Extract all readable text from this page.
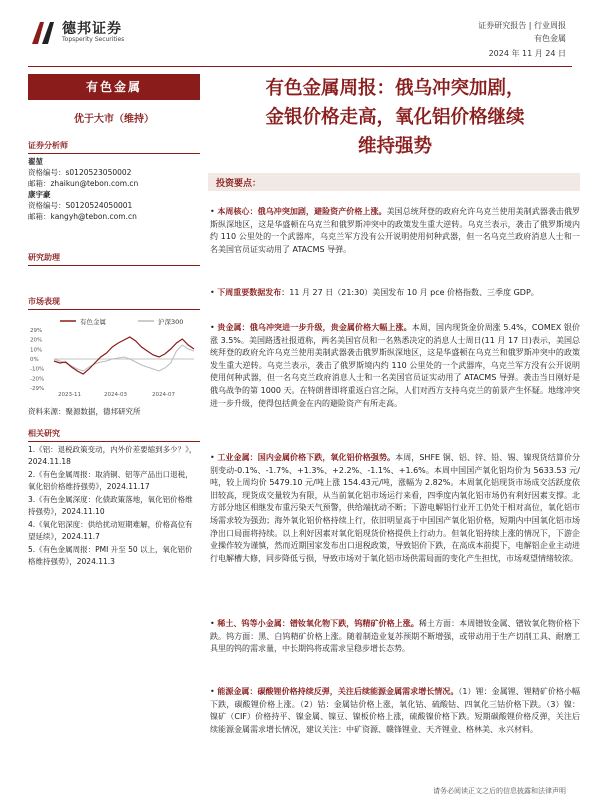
德邦证券
Topsperity Securities
证券研究报告 | 行业周报
有色金属
2024 年 11 月 24 日
有色金属
优于大市（维持）
证券分析师
翟堃
资格编号：s0120523050002
邮箱：zhaikun@tebon.com.cn
康宇豪
资格编号：S0120524050001
邮箱：kangyh@tebon.com.cn
研究助理
市场表现
有色金属	沪深300
29%
20%
10%
0%
-10%
-20%
-29%
2023-11	2024-03	2024-07
资料来源：聚源数据，德邦研究所
相关研究

1.《铝：退税政策变动，内外价差要缩到多少？》，2024.11.18

2.《有色金属周报：取消铜、铝等产品出口退税，氧化铝价格维持强势》，2024.11.17

3.《有色金属深度：化债政策落地，氧化铝价格维持强势》，2024.11.10

4.《氧化铝深度：供给扰动短期难解，价格高位有望延续》，2024.11.7

5.《有色金属周报：PMI 升至 50 以上，氧化铝价格维持强势》，2024.11.3

有色金属周报：俄乌冲突加剧，
金银价格走高，氧化铝价格继续
维持强势
投资要点：

• 本周核心：俄乌冲突加剧，避险资产价格上涨。美国总统拜登的政府允许乌克兰使用美制武器袭击俄罗斯纵深地区，这是华盛顿在乌克兰和俄罗斯冲突中的政策发生重大逆转。乌克兰表示，袭击了俄罗斯境内约 110 公里处的一个武器库，乌克兰军方没有公开说明使用何种武器，但一名乌克兰政府消息人士和一名美国官员证实动用了 ATACMS 导弹。

• 下周重要数据发布：11 月 27 日（21:30）美国发布 10 月 pce 价格指数、三季度 GDP。

• 贵金属：俄乌冲突进一步升级，贵金属价格大幅上涨。本周，国内现货金价周涨 5.4%，COMEX 银价涨 3.5%。美国路透社报道称，两名美国官员和一名熟悉决定的消息人士周日(11 月 17 日)表示，美国总统拜登的政府允许乌克兰使用美制武器袭击俄罗斯纵深地区，这是华盛顿在乌克兰和俄罗斯冲突中的政策发生重大逆转。乌克兰表示，袭击了俄罗斯境内约 110 公里处的一个武器库，乌克兰军方没有公开说明使用何种武器，但一名乌克兰政府消息人士和一名美国官员证实动用了 ATACMS 导弹。袭击当日刚好是俄乌战争的第 1000 天。在特朗普即将重返白宫之际，人们对西方支持乌克兰的前景产生怀疑。地缘冲突进一步升级，使得包括黄金在内的避险资产有所走高。

• 工业金属：国内金属价格下跌，氧化铝价格强势。本周，SHFE 铜、铝、锌、铅、锡、镍现货结算价分别变动-0.1%、-1.7%、+1.3%、+2.2%、-1.1%、+1.6%。本周中国国产氧化铝均价为 5633.53 元/吨，较上周均价 5479.10 元/吨上涨 154.43元/吨，涨幅为 2.82%。本周氧化铝现货市场成交活跃度依旧较高，现货成交量较为有限，从当前氧化铝市场运行来看，四季度内氧化铝市场仍有利好因素支撑。北方部分地区相继发布重污染天气预警，供给端扰动不断；下游电解铝行业开工仍处于相对高位，氧化铝市场需求较为强劲；海外氧化铝价格持续上行，依旧明显高于中国国产氧化铝价格，短期内中国氧化铝市场净出口局面将持续。以上利好因素对氧化铝现货价格提供上行动力。但氧化铝持续上涨的情况下，下游企业操作较为谨慎，然而近期国家发布出口退税政策，导致铝价下跌，在高成本前提下，电解铝企业主动进行电解槽大修，同步降低亏损，导致市场对于氧化铝市场供需局面的变化产生担忧，市场观望情绪较浓。

• 稀土、钨等小金属：镨钕氧化物下跌，钨精矿价格上涨。稀土方面：本周镨钕金属、镨钕氧化物价格下跌。钨方面：黑、白钨精矿价格上涨。随着制造业复苏预期不断增强，或带动用于生产切削工具、耐磨工具里的钨的需求量，中长期钨将或需求呈稳步增长态势。

• 能源金属：碳酸锂价格持续反弹，关注后续能源金属需求增长情况。（1）锂：金属锂、锂精矿价格小幅下跌，碳酸锂价格上涨。（2）钴：金属钴价格上涨，氧化钴、硫酸钴、四氧化三钴价格下跌。（3）镍：镍矿（CIF）价格持平、镍金属、镍豆、镍板价格上涨，硫酸镍价格下跌。短期碳酸锂价格反弹，关注后续能源金属需求增长情况，建议关注：中矿资源、赣锋锂业、天齐锂业、格林美、永兴材料。

请务必阅读正文之后的信息披露和法律声明
